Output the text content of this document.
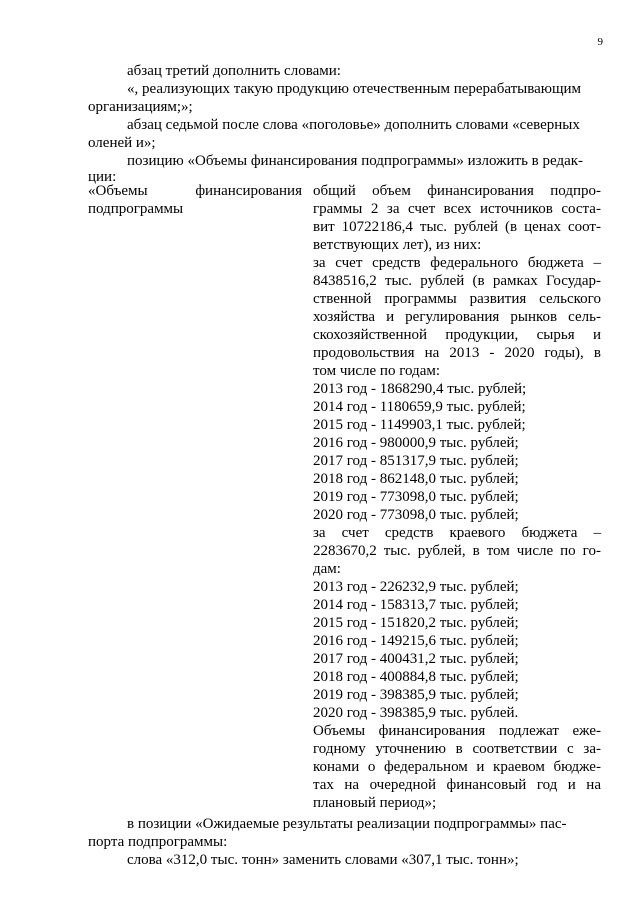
9
абзац третий дополнить словами:
«, реализующих такую продукцию отечественным перерабатывающим
организациям;»;
абзац седьмой после слова «поголовье» дополнить словами «северных
оленей и»;
позицию «Объемы финансирования подпрограммы» изложить в редак-
ции:
«Объемы финансирования
подпрограммы
общий объем финансирования подпро-
граммы 2 за счет всех источников соста-
вит 10722186,4 тыс. рублей (в ценах соот-
ветствующих лет), из них:
за счет средств федерального бюджета –
8438516,2 тыс. рублей (в рамках Государ-
ственной программы развития сельского
хозяйства и регулирования рынков сель-
скохозяйственной продукции, сырья и
продовольствия на 2013 - 2020 годы), в
том числе по годам:
2013 год - 1868290,4 тыс. рублей;
2014 год - 1180659,9 тыс. рублей;
2015 год - 1149903,1 тыс. рублей;
2016 год - 980000,9 тыс. рублей;
2017 год - 851317,9 тыс. рублей;
2018 год - 862148,0 тыс. рублей;
2019 год - 773098,0 тыс. рублей;
2020 год - 773098,0 тыс. рублей;
за счет средств краевого бюджета –
2283670,2 тыс. рублей, в том числе по го-
дам:
2013 год - 226232,9 тыс. рублей;
2014 год - 158313,7 тыс. рублей;
2015 год - 151820,2 тыс. рублей;
2016 год - 149215,6 тыс. рублей;
2017 год - 400431,2 тыс. рублей;
2018 год - 400884,8 тыс. рублей;
2019 год - 398385,9 тыс. рублей;
2020 год - 398385,9 тыс. рублей.
Объемы финансирования подлежат еже-
годному уточнению в соответствии с за-
конами о федеральном и краевом бюдже-
тах на очередной финансовый год и на
плановый период»;
в позиции «Ожидаемые результаты реализации подпрограммы» пас-
порта подпрограммы:
слова «312,0 тыс. тонн» заменить словами «307,1 тыс. тонн»;
